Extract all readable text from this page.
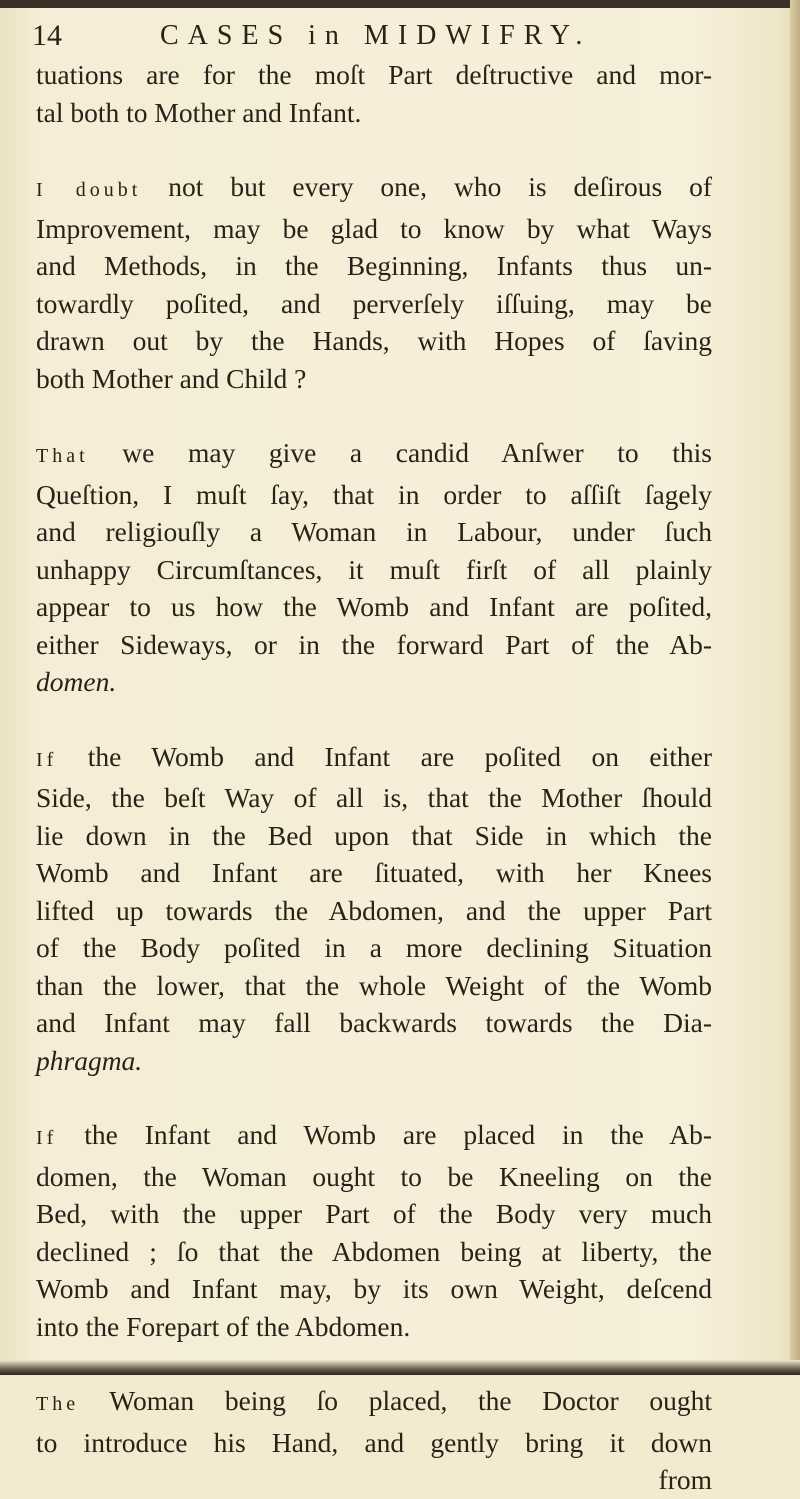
14	CASES in MIDWIFRY.

tuations are for the moſt Part deſtructive and mor-
tal both to Mother and Infant.

I doubt not but every one, who is deſirous of
Improvement, may be glad to know by what Ways
and Methods, in the Beginning, Infants thus un-
towardly poſited, and perverſely iſſuing, may be
drawn out by the Hands, with Hopes of ſaving
both Mother and Child ?

That we may give a candid Anſwer to this
Queſtion, I muſt ſay, that in order to aſſiſt ſagely
and religiouſly a Woman in Labour, under ſuch
unhappy Circumſtances, it muſt firſt of all plainly
appear to us how the Womb and Infant are poſited,
either Sideways, or in the forward Part of the Ab-
domen.

If the Womb and Infant are poſited on either
Side, the beſt Way of all is, that the Mother ſhould
lie down in the Bed upon that Side in which the
Womb and Infant are ſituated, with her Knees
lifted up towards the Abdomen, and the upper Part
of the Body poſited in a more declining Situation
than the lower, that the whole Weight of the Womb
and Infant may fall backwards towards the Dia-
phragma.

If the Infant and Womb are placed in the Ab-
domen, the Woman ought to be Kneeling on the
Bed, with the upper Part of the Body very much
declined ; ſo that the Abdomen being at liberty, the
Womb and Infant may, by its own Weight, deſcend
into the Forepart of the Abdomen.

The Woman being ſo placed, the Doctor ought
to introduce his Hand, and gently bring it down

from
